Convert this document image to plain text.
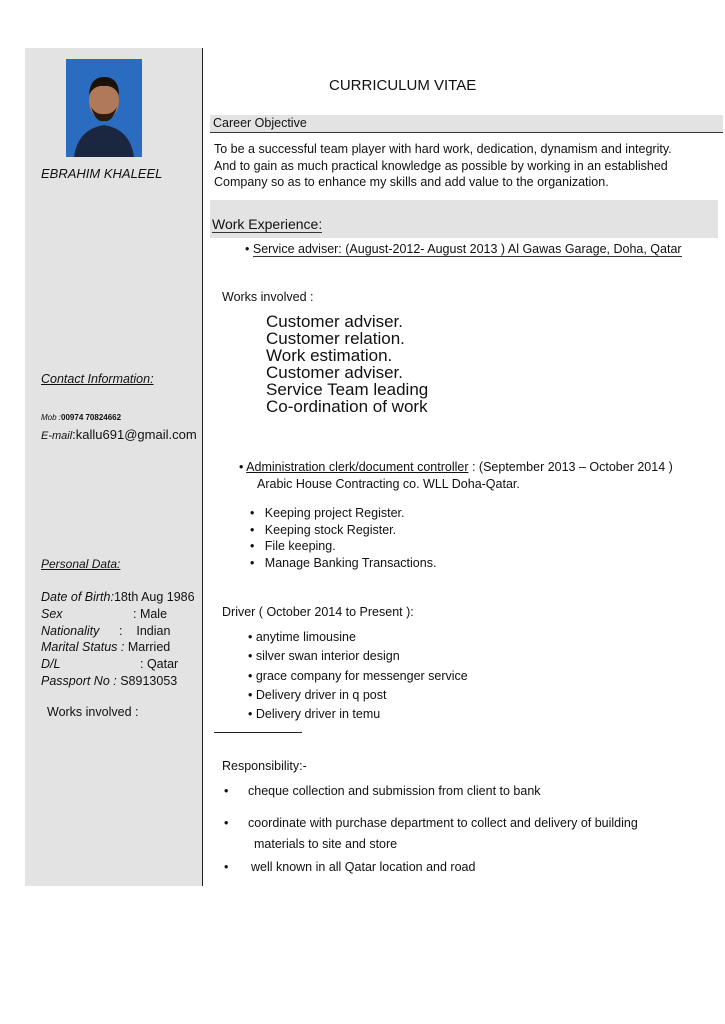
EBRAHIM KHALEEL
Contact Information:
Mob :00974 70824662
E-mail:kallu691@gmail.com
Personal Data:
Date of Birth:18th Aug 1986
Sex	: Male
Nationality :    Indian
Marital Status : Married
D/L	: Qatar
Passport No : S8913053
Works involved :
CURRICULUM VITAE
Career Objective
To be a successful team player with hard work, dedication, dynamism and integrity.
And to gain as much practical knowledge as possible by working in an established
Company so as to enhance my skills and add value to the organization.
Work Experience:
• Service adviser: (August-2012- August 2013 ) Al Gawas Garage, Doha, Qatar
Works involved :
Customer adviser.
Customer relation.
Work estimation.
Customer adviser.
Service Team leading
Co-ordination of work
• Administration clerk/document controller : (September 2013 – October 2014 )
Arabic House Contracting co. WLL Doha-Qatar.
•   Keeping project Register.
•   Keeping stock Register.
•   File keeping.
•   Manage Banking Transactions.
Driver ( October 2014 to Present ):
• anytime limousine
• silver swan interior design
• grace company for messenger service
• Delivery driver in q post
• Delivery driver in temu
Responsibility:-
• cheque collection and submission from client to bank
• coordinate with purchase department to collect and delivery of building
materials to site and store
• well known in all Qatar location and road
